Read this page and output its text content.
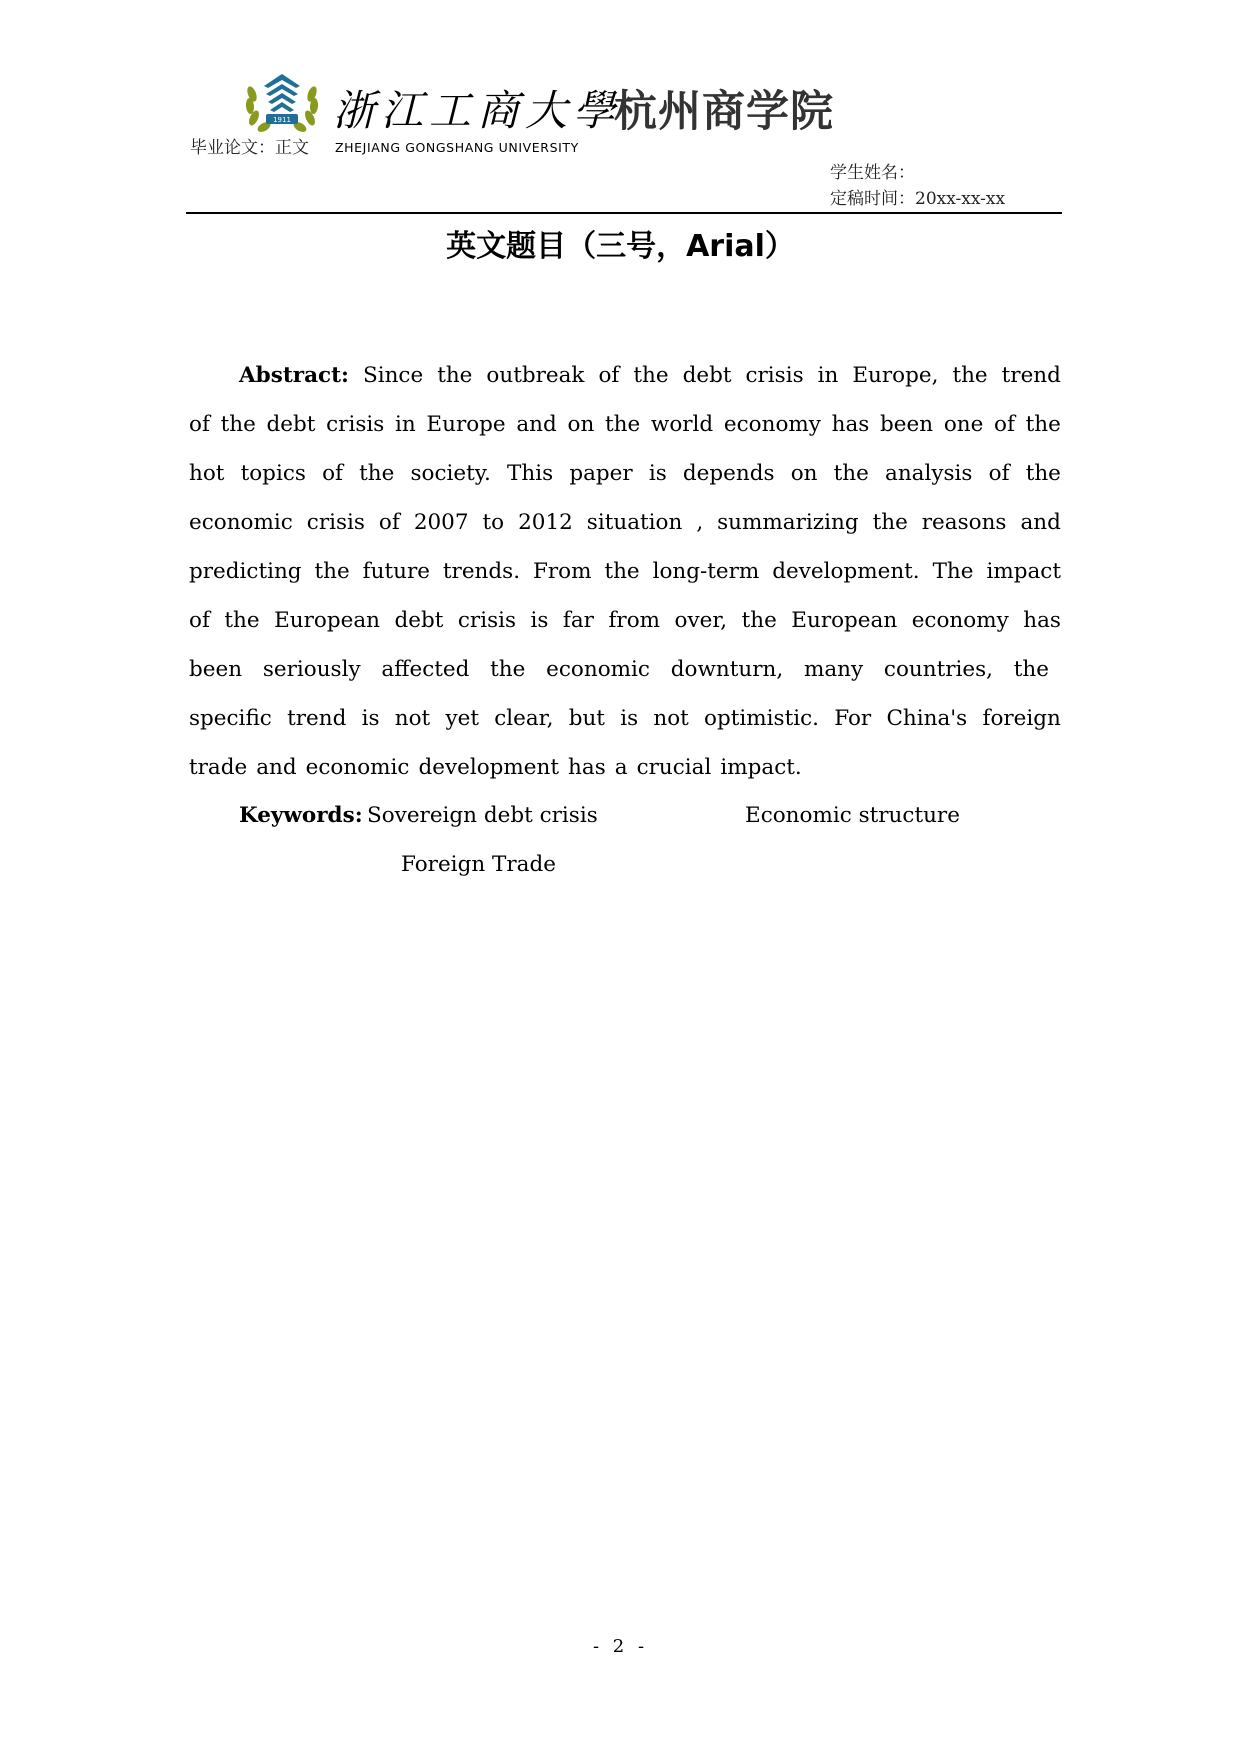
1911 浙江工商大學
ZHEJIANG GONGSHANG UNIVERSITY
杭州商学院
毕业论文：正文
学生姓名：
定稿时间：20xx-xx-xx
英文题目（三号，Arial）
Abstract: Since the outbreak of the debt crisis in Europe, the trend
of the debt crisis in Europe and on the world economy has been one of the
hot topics of the society. This paper is depends on the analysis of the
economic crisis of 2007 to 2012 situation , summarizing the reasons and
predicting the future trends. From the long-term development. The impact
of the European debt crisis is far from over, the European economy has
been seriously affected the economic downturn, many countries, the
specific trend is not yet clear, but is not optimistic. For China's foreign
trade and economic development has a crucial impact.
Keywords: Sovereign debt crisis	Economic structure
Foreign Trade
- 2 -
